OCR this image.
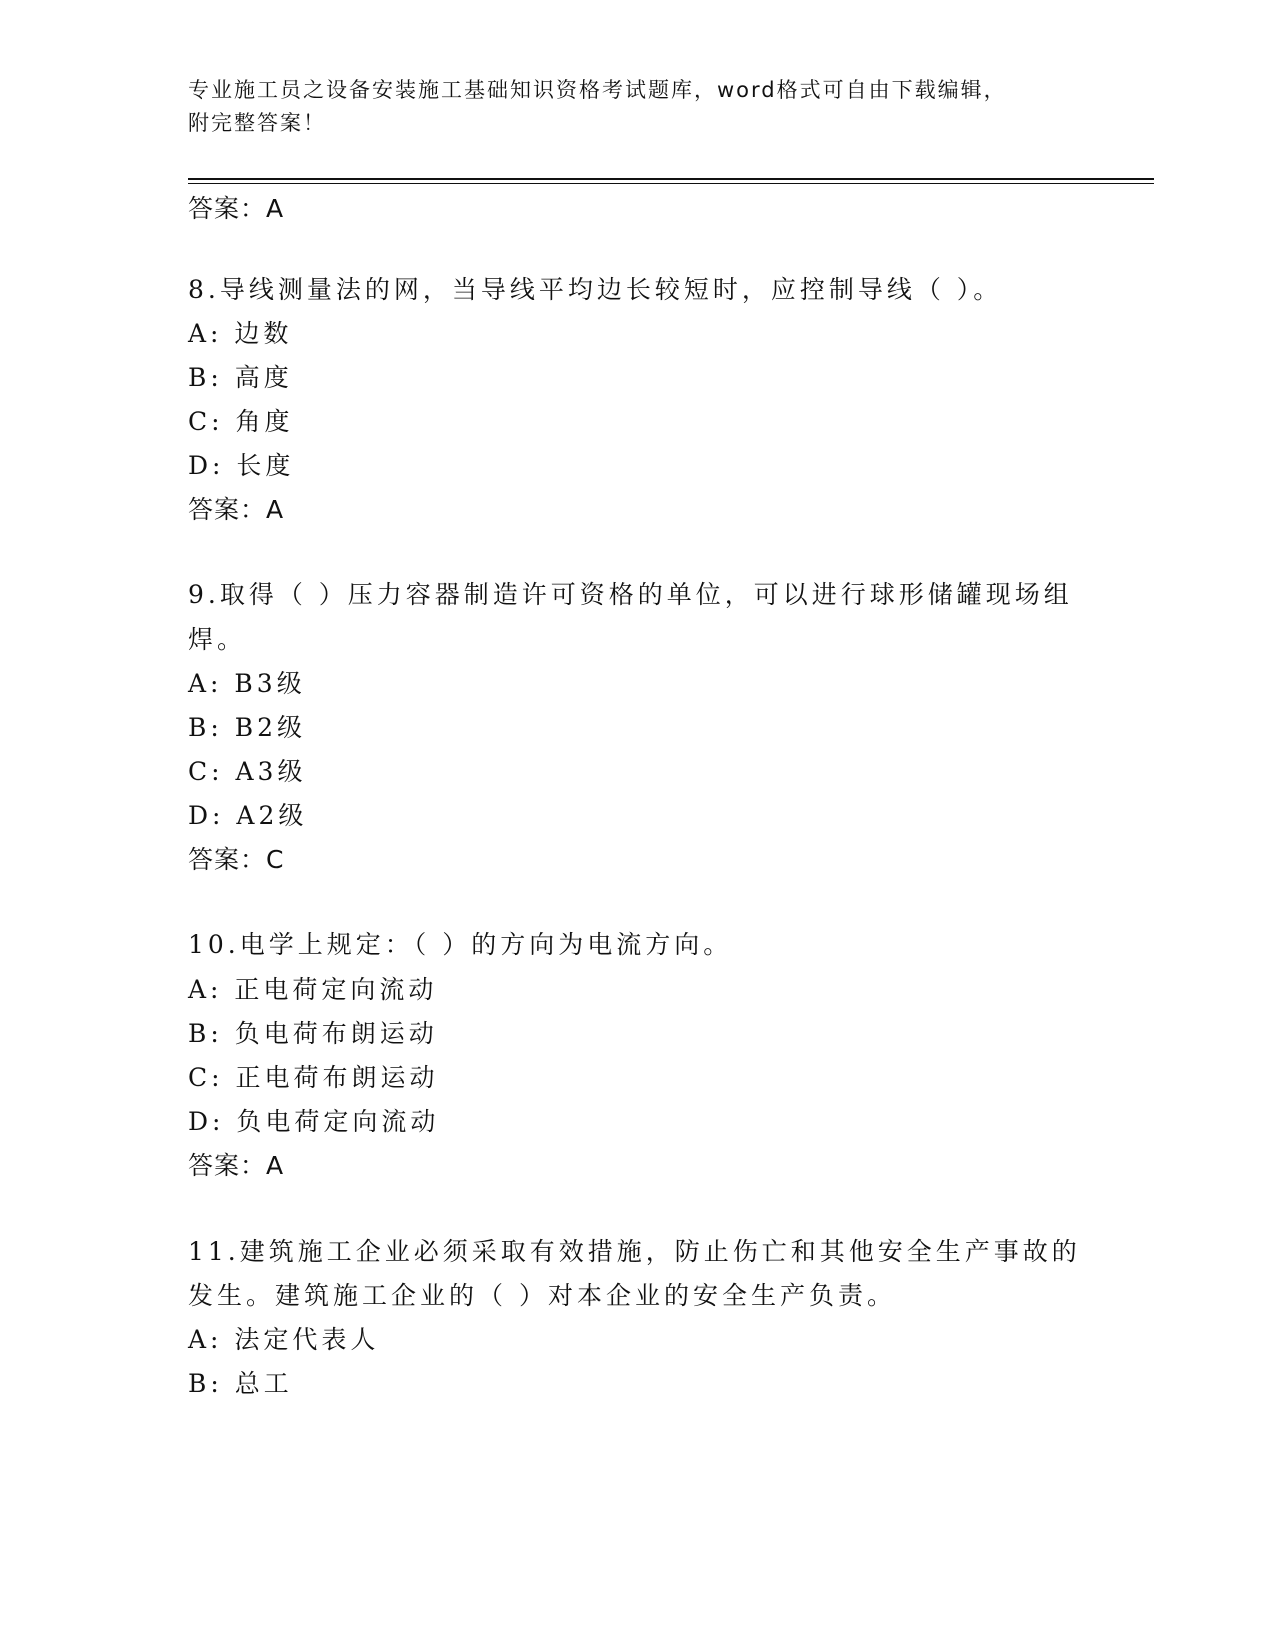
专业施工员之设备安装施工基础知识资格考试题库，word格式可自由下载编辑，
附完整答案！
答案：A
8.导线测量法的网，当导线平均边长较短时，应控制导线（ ）。
A: 边数
B: 高度
C: 角度
D: 长度
答案：A
9.取得（ ）压力容器制造许可资格的单位，可以进行球形储罐现场组
焊。
A: B3级
B: B2级
C: A3级
D: A2级
答案：C
10.电学上规定：（ ）的方向为电流方向。
A: 正电荷定向流动
B: 负电荷布朗运动
C: 正电荷布朗运动
D: 负电荷定向流动
答案：A
11.建筑施工企业必须采取有效措施，防止伤亡和其他安全生产事故的
发生。建筑施工企业的（ ）对本企业的安全生产负责。
A: 法定代表人
B: 总工
